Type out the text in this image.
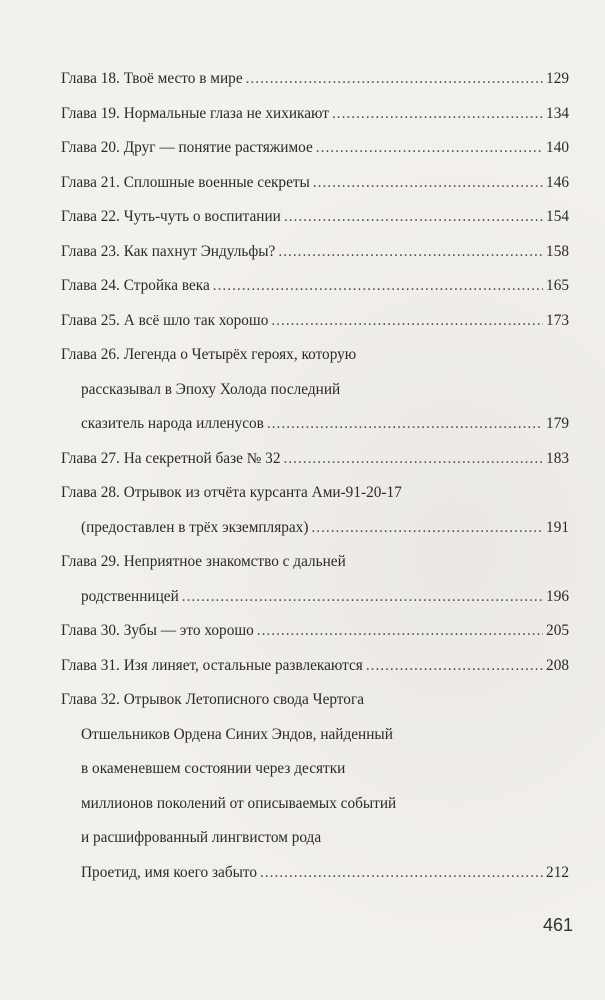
Глава 18. Твоё место в мире .....	129
Глава 19. Нормальные глаза не хихикают .....	134
Глава 20. Друг — понятие растяжимое .....	140
Глава 21. Сплошные военные секреты .....	146
Глава 22. Чуть-чуть о воспитании .....	154
Глава 23. Как пахнут Эндульфы? .....	158
Глава 24. Стройка века .....	165
Глава 25. А всё шло так хорошо .....	173
Глава 26. Легенда о Четырёх героях, которую
рассказывал в Эпоху Холода последний
сказитель народа илленусов .....	179
Глава 27. На секретной базе № 32 .....	183
Глава 28. Отрывок из отчёта курсанта Ами-91-20-17
(предоставлен в трёх экземплярах) .....	191
Глава 29. Неприятное знакомство с дальней
родственницей .....	196
Глава 30. Зубы — это хорошо .....	205
Глава 31. Изя линяет, остальные развлекаются .....	208
Глава 32. Отрывок Летописного свода Чертога
Отшельников Ордена Синих Эндов, найденный
в окаменевшем состоянии через десятки
миллионов поколений от описываемых событий
и расшифрованный лингвистом рода
Проетид, имя коего забыто .....	212
461
